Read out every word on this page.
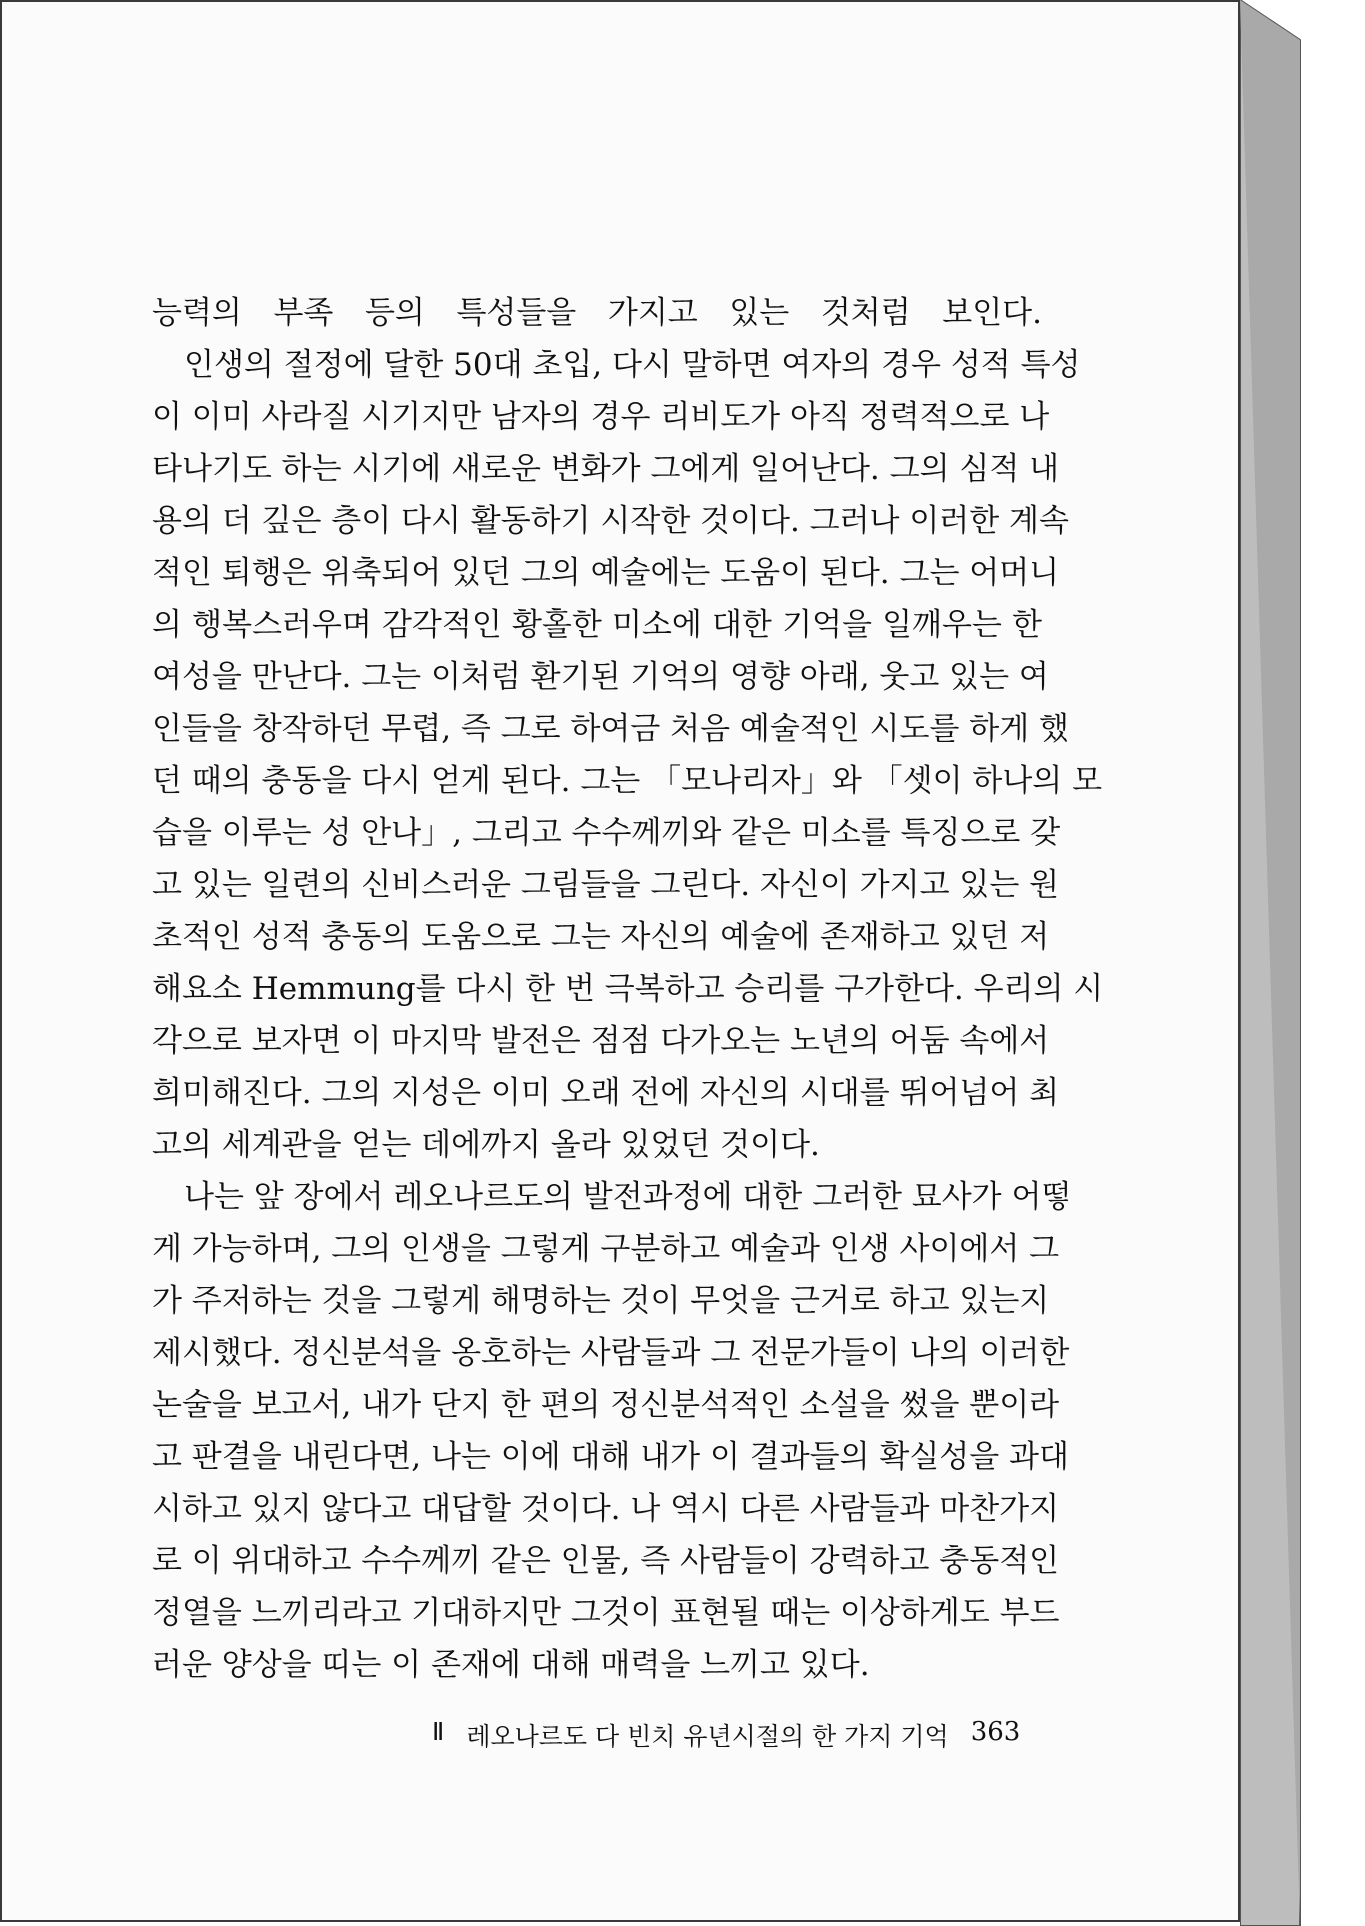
능력의 부족 등의 특성들을 가지고 있는 것처럼 보인다.
인생의 절정에 달한 50대 초입, 다시 말하면 여자의 경우 성적 특성
이 이미 사라질 시기지만 남자의 경우 리비도가 아직 정력적으로 나
타나기도 하는 시기에 새로운 변화가 그에게 일어난다. 그의 심적 내
용의 더 깊은 층이 다시 활동하기 시작한 것이다. 그러나 이러한 계속
적인 퇴행은 위축되어 있던 그의 예술에는 도움이 된다. 그는 어머니
의 행복스러우며 감각적인 황홀한 미소에 대한 기억을 일깨우는 한
여성을 만난다. 그는 이처럼 환기된 기억의 영향 아래, 웃고 있는 여
인들을 창작하던 무렵, 즉 그로 하여금 처음 예술적인 시도를 하게 했
던 때의 충동을 다시 얻게 된다. 그는 「모나리자」와 「셋이 하나의 모
습을 이루는 성 안나」, 그리고 수수께끼와 같은 미소를 특징으로 갖
고 있는 일련의 신비스러운 그림들을 그린다. 자신이 가지고 있는 원
초적인 성적 충동의 도움으로 그는 자신의 예술에 존재하고 있던 저
해요소 Hemmung를 다시 한 번 극복하고 승리를 구가한다. 우리의 시
각으로 보자면 이 마지막 발전은 점점 다가오는 노년의 어둠 속에서
희미해진다. 그의 지성은 이미 오래 전에 자신의 시대를 뛰어넘어 최
고의 세계관을 얻는 데에까지 올라 있었던 것이다.
나는 앞 장에서 레오나르도의 발전과정에 대한 그러한 묘사가 어떻
게 가능하며, 그의 인생을 그렇게 구분하고 예술과 인생 사이에서 그
가 주저하는 것을 그렇게 해명하는 것이 무엇을 근거로 하고 있는지
제시했다. 정신분석을 옹호하는 사람들과 그 전문가들이 나의 이러한
논술을 보고서, 내가 단지 한 편의 정신분석적인 소설을 썼을 뿐이라
고 판결을 내린다면, 나는 이에 대해 내가 이 결과들의 확실성을 과대
시하고 있지 않다고 대답할 것이다. 나 역시 다른 사람들과 마찬가지
로 이 위대하고 수수께끼 같은 인물, 즉 사람들이 강력하고 충동적인
정열을 느끼리라고 기대하지만 그것이 표현될 때는 이상하게도 부드
러운 양상을 띠는 이 존재에 대해 매력을 느끼고 있다.
Ⅱ 레오나르도 다 빈치 유년시절의 한 가지 기억 363
